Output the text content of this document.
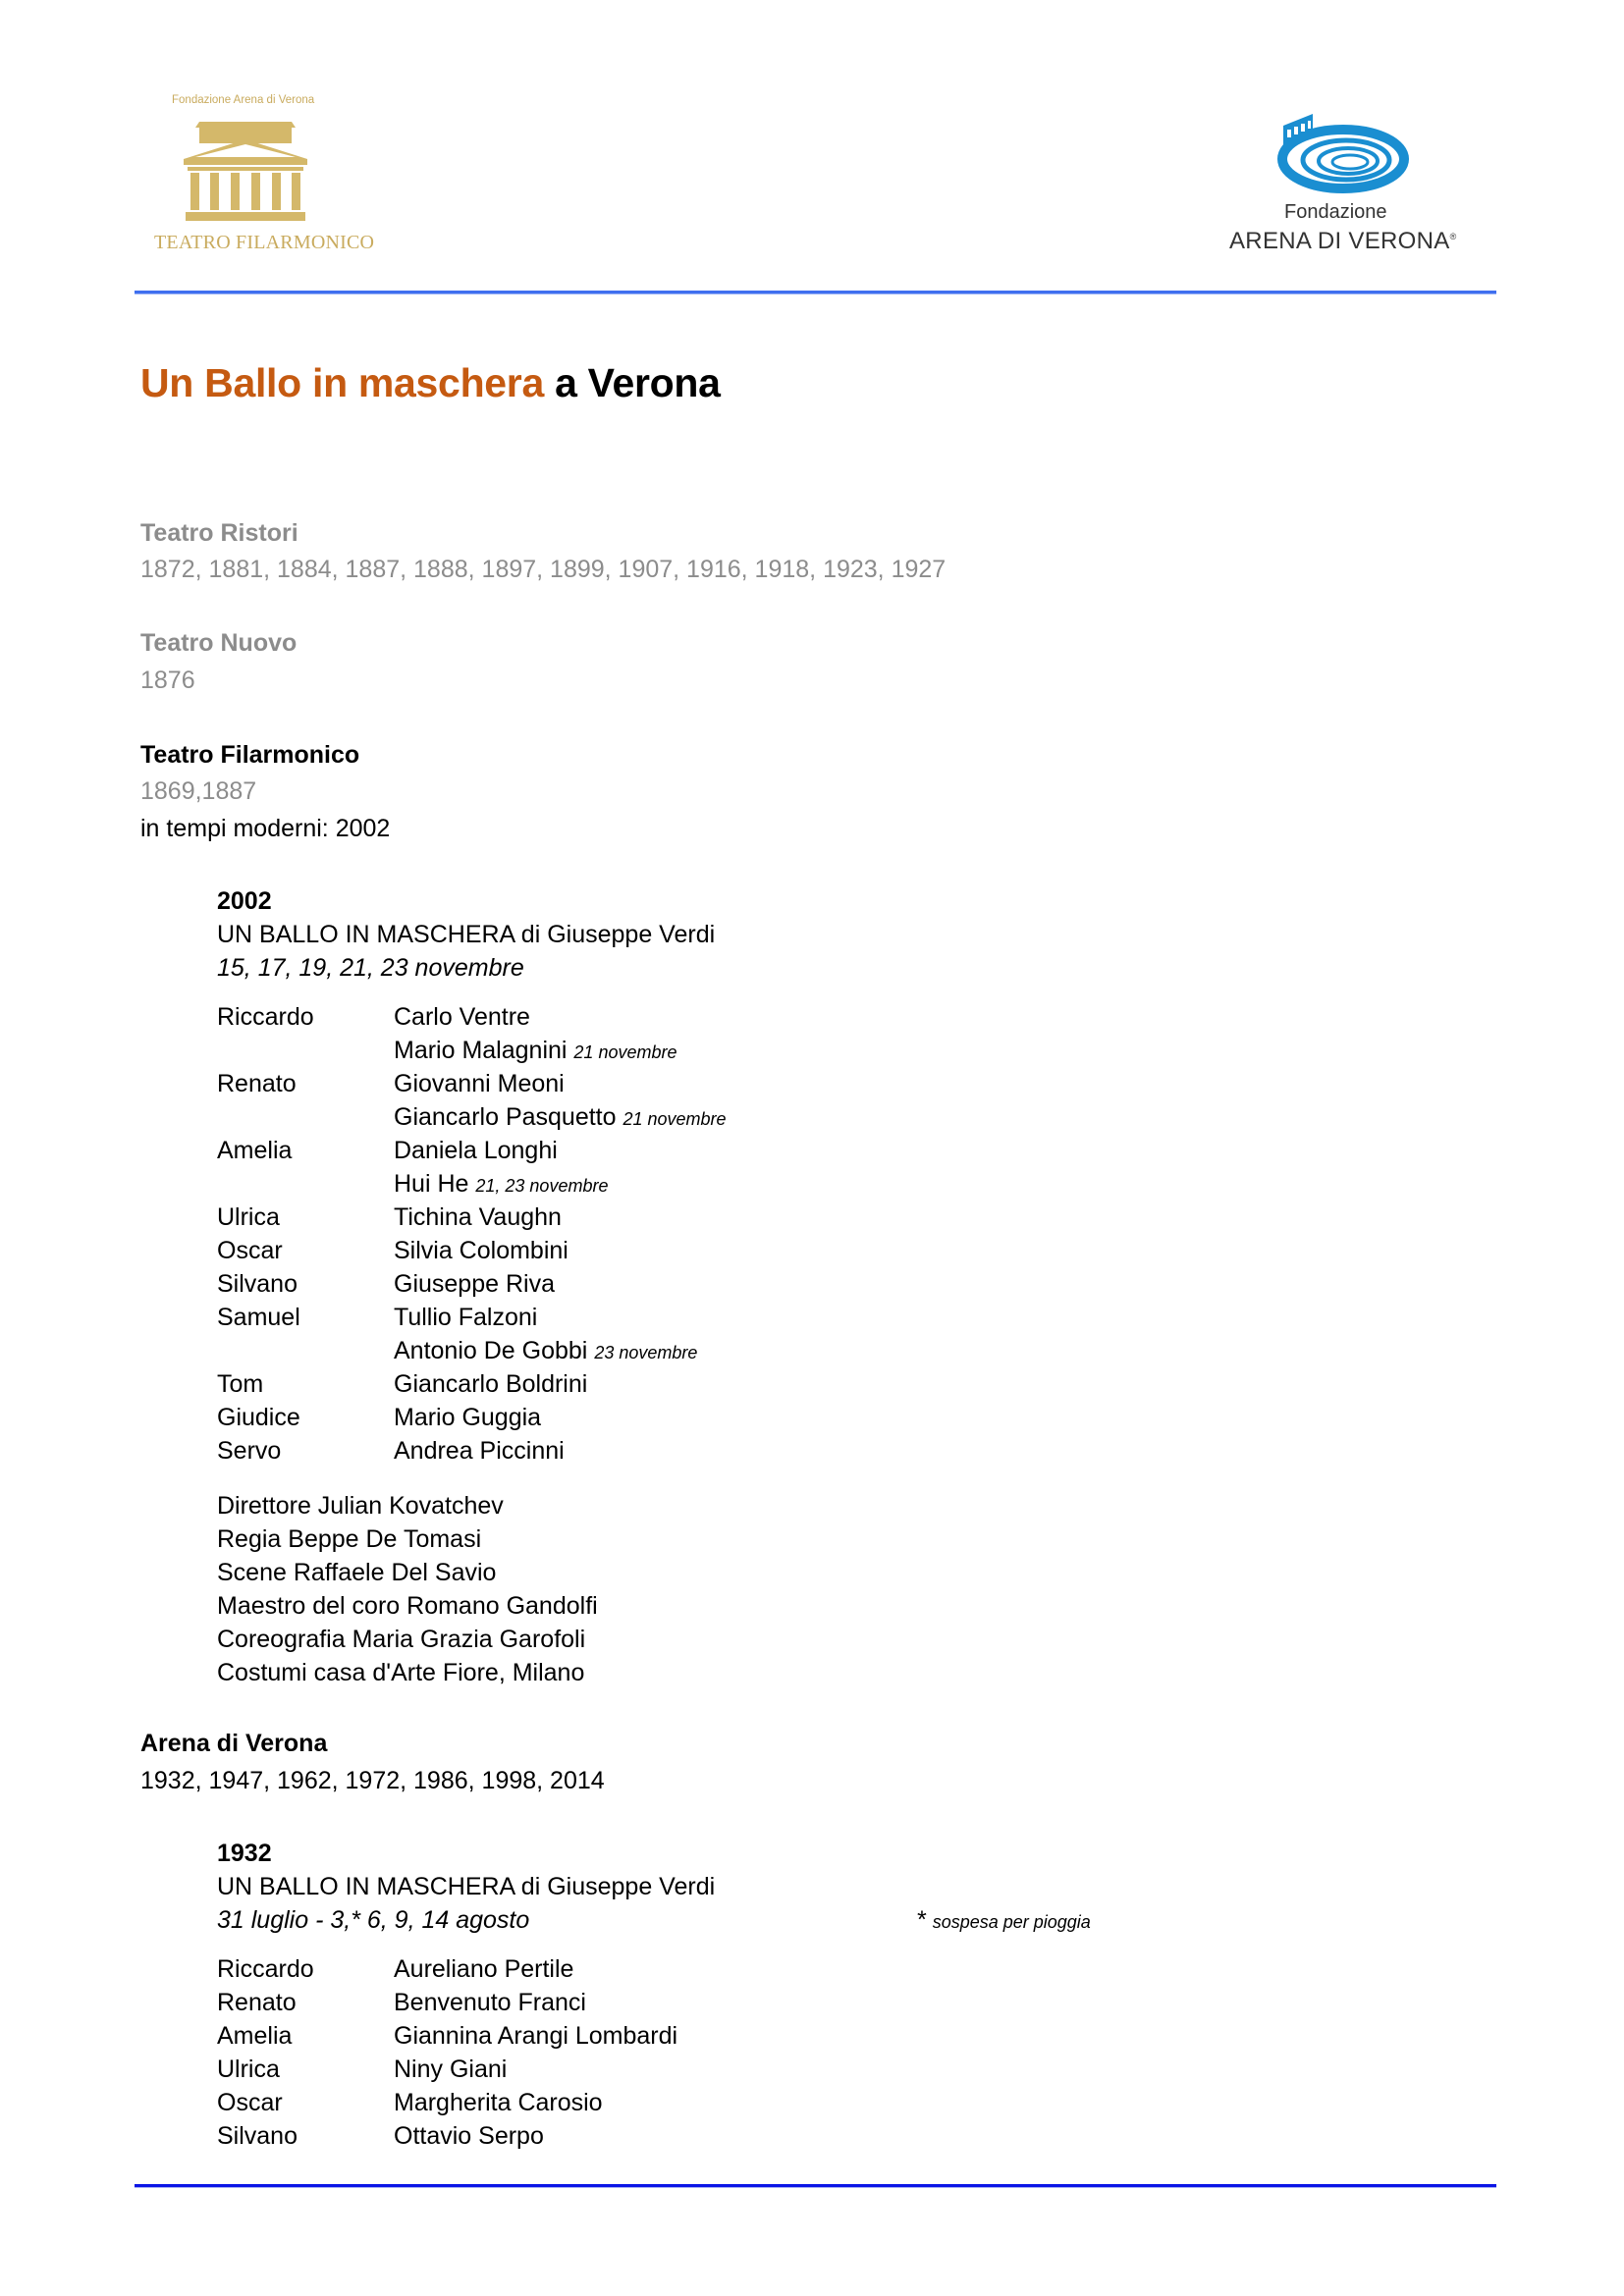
Fondazione Arena di Verona
TEATRO FILARMONICO
Fondazione
ARENA DI VERONA®
Un Ballo in maschera a Verona
Teatro Ristori
1872, 1881, 1884, 1887, 1888, 1897, 1899, 1907, 1916, 1918, 1923, 1927
Teatro Nuovo
1876
Teatro Filarmonico
1869,1887
in tempi moderni: 2002
2002
UN BALLO IN MASCHERA di Giuseppe Verdi
15, 17, 19, 21, 23 novembre
Riccardo	Carlo Ventre
Mario Malagnini 21 novembre
Renato	Giovanni Meoni
Giancarlo Pasquetto 21 novembre
Amelia	Daniela Longhi
Hui He 21, 23 novembre
Ulrica	Tichina Vaughn
Oscar	Silvia Colombini
Silvano	Giuseppe Riva
Samuel	Tullio Falzoni
Antonio De Gobbi 23 novembre
Tom	Giancarlo Boldrini
Giudice	Mario Guggia
Servo	Andrea Piccinni
Direttore Julian Kovatchev
Regia Beppe De Tomasi
Scene Raffaele Del Savio
Maestro del coro Romano Gandolfi
Coreografia Maria Grazia Garofoli
Costumi casa d'Arte Fiore, Milano
Arena di Verona
1932, 1947, 1962, 1972, 1986, 1998, 2014
1932
UN BALLO IN MASCHERA di Giuseppe Verdi
31 luglio - 3,* 6, 9, 14 agosto	* sospesa per pioggia
Riccardo	Aureliano Pertile
Renato	Benvenuto Franci
Amelia	Giannina Arangi Lombardi
Ulrica	Niny Giani
Oscar	Margherita Carosio
Silvano	Ottavio Serpo
